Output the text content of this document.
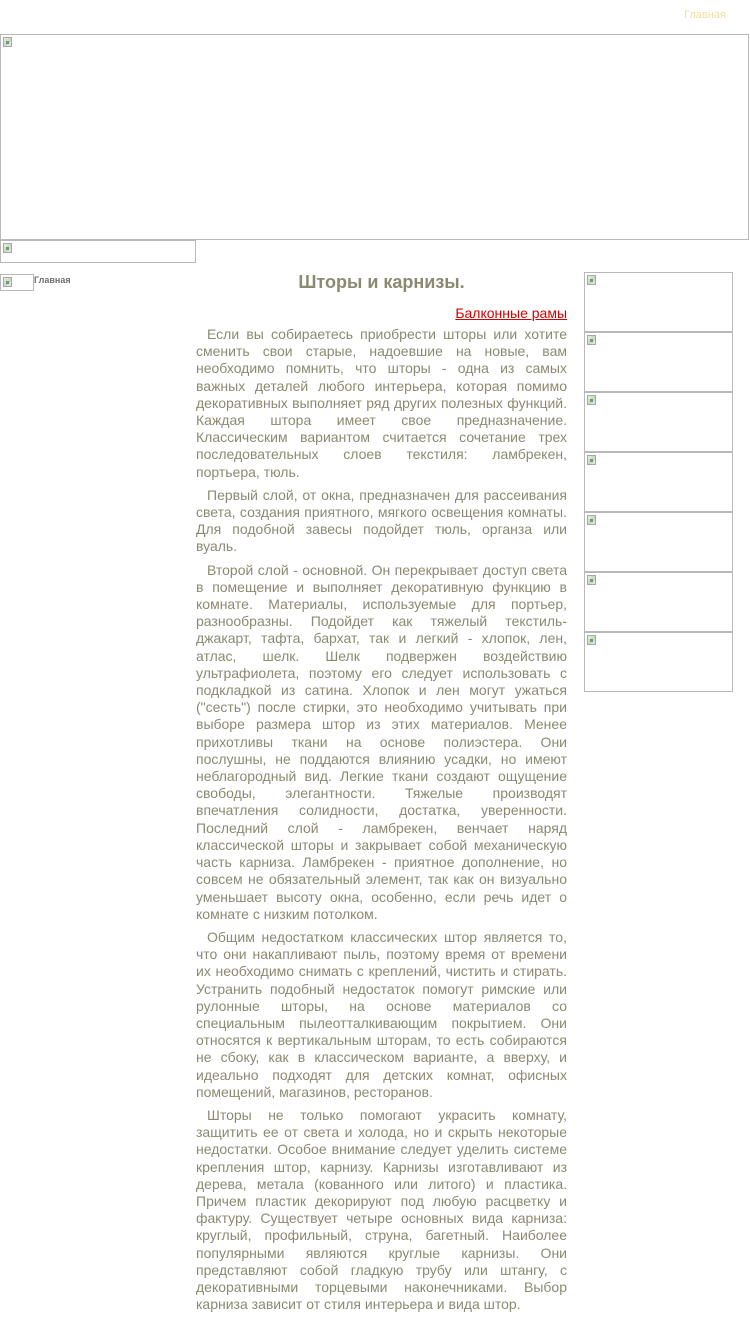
Главная
Главная	Шторы и карнизы.
Балконные рамы

Если вы собираетесь приобрести шторы или хотите сменить свои старые, надоевшие на новые, вам необходимо помнить, что шторы - одна из самых важных деталей любого интерьера, которая помимо декоративных выполняет ряд других полезных функций. Каждая штора имеет свое предназначение. Классическим вариантом считается сочетание трех последовательных слоев текстиля: ламбрекен, портьера, тюль.

Первый слой, от окна, предназначен для рассеивания света, создания приятного, мягкого освещения комнаты. Для подобной завесы подойдет тюль, органза или вуаль.

Второй слой - основной. Он перекрывает доступ света в помещение и выполняет декоративную функцию в комнате. Материалы, используемые для портьер, разнообразны. Подойдет как тяжелый текстиль- джакарт, тафта, бархат, так и легкий - хлопок, лен, атлас, шелк. Шелк подвержен воздействию ультрафиолета, поэтому его следует использовать с подкладкой из сатина. Хлопок и лен могут ужаться ("сесть") после стирки, это необходимо учитывать при выборе размера штор из этих материалов. Менее прихотливы ткани на основе полиэстера. Они послушны, не поддаются влиянию усадки, но имеют неблагородный вид. Легкие ткани создают ощущение свободы, элегантности. Тяжелые производят впечатления солидности, достатка, уверенности. Последний слой - ламбрекен, венчает наряд классической шторы и закрывает собой механическую часть карниза. Ламбрекен - приятное дополнение, но совсем не обязательный элемент, так как он визуально уменьшает высоту окна, особенно, если речь идет о комнате с низким потолком.

Общим недостатком классических штор является то, что они накапливают пыль, поэтому время от времени их необходимо снимать с креплений, чистить и стирать. Устранить подобный недостаток помогут римские или рулонные шторы, на основе материалов со специальным пылеотталкивающим покрытием. Они относятся к вертикальным шторам, то есть собираются не сбоку, как в классическом варианте, а вверху, и идеально подходят для детских комнат, офисных помещений, магазинов, ресторанов.

Шторы не только помогают украсить комнату, защитить ее от света и холода, но и скрыть некоторые недостатки. Особое внимание следует уделить системе крепления штор, карнизу. Карнизы изготавливают из дерева, метала (кованного или литого) и пластика. Причем пластик декорируют под любую расцветку и фактуру. Существует четыре основных вида карниза: круглый, профильный, струна, багетный. Наиболее популярными являются круглые карнизы. Они представляют собой гладкую трубу или штангу, с декоративными торцевыми наконечниками. Выбор карниза зависит от стиля интерьера и вида штор.
